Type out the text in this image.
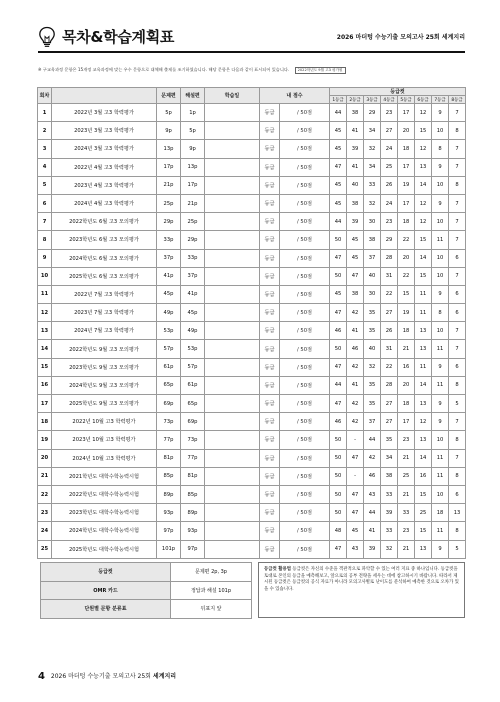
목차&학습계획표	2026 마더텅 수능기출 모의고사 25회 세계지리
※ 구교육과정 문항은 15개정 교육과정에 맞는 우수 문항으로 대체해 출제를 조기하였습니다. 해당 문항은 다음과 같이 표시되어 있습니다. 2022학년도 9월 고3 평가원
회차		문제편	해설편	학습일	내 점수		등급컷							
							1등급	2등급	3등급	4등급	5등급	6등급	7등급	8등급
1	2022년 3월 고3 학력평가	5p	1p		등급	/ 50점	44	38	29	23	17	12	9	7
2	2023년 3월 고3 학력평가	9p	5p		등급	/ 50점	45	41	34	27	20	15	10	8
3	2024년 3월 고3 학력평가	13p	9p		등급	/ 50점	45	39	32	24	18	12	8	7
4	2022년 4월 고3 학력평가	17p	13p		등급	/ 50점	47	41	34	25	17	13	9	7
5	2023년 4월 고3 학력평가	21p	17p		등급	/ 50점	45	40	33	26	19	14	10	8
6	2024년 4월 고3 학력평가	25p	21p		등급	/ 50점	45	38	32	24	17	12	9	7
7	2022학년도 6월 고3 모의평가	29p	25p		등급	/ 50점	44	39	30	23	18	12	10	7
8	2023학년도 6월 고3 모의평가	33p	29p		등급	/ 50점	50	45	38	29	22	15	11	7
9	2024학년도 6월 고3 모의평가	37p	33p		등급	/ 50점	47	45	37	28	20	14	10	6
10	2025학년도 6월 고3 모의평가	41p	37p		등급	/ 50점	50	47	40	31	22	15	10	7
11	2022년 7월 고3 학력평가	45p	41p		등급	/ 50점	45	38	30	22	15	11	9	6
12	2023년 7월 고3 학력평가	49p	45p		등급	/ 50점	47	42	35	27	19	11	8	6
13	2024년 7월 고3 학력평가	53p	49p		등급	/ 50점	46	41	35	26	18	13	10	7
14	2022학년도 9월 고3 모의평가	57p	53p		등급	/ 50점	50	46	40	31	21	13	11	7
15	2023학년도 9월 고3 모의평가	61p	57p		등급	/ 50점	47	42	32	22	16	11	9	6
16	2024학년도 9월 고3 모의평가	65p	61p		등급	/ 50점	44	41	35	28	20	14	11	8
17	2025학년도 9월 고3 모의평가	69p	65p		등급	/ 50점	47	42	35	27	18	13	9	5
18	2022년 10월 고3 학력평가	73p	69p		등급	/ 50점	46	42	37	27	17	12	9	7
19	2023년 10월 고3 학력평가	77p	73p		등급	/ 50점	50	-	44	35	23	13	10	8
20	2024년 10월 고3 학력평가	81p	77p		등급	/ 50점	50	47	42	34	21	14	11	7
21	2021학년도 대학수학능력시험	85p	81p		등급	/ 50점	50	-	46	38	25	16	11	8
22	2022학년도 대학수학능력시험	89p	85p		등급	/ 50점	50	47	43	33	21	15	10	6
23	2023학년도 대학수학능력시험	93p	89p		등급	/ 50점	50	47	44	39	33	25	18	13
24	2024학년도 대학수학능력시험	97p	93p		등급	/ 50점	48	45	41	33	23	15	11	8
25	2025학년도 대학수학능력시험	101p	97p		등급	/ 50점	47	43	39	32	21	13	9	5
등급컷	문제편 2p, 3p
OMR 카드	정답과 해설 101p
단원별 문항 분류표	뒤표지 앞
등급컷 활용법 등급컷은 자신의 수준을 객관적으로 파악할 수 있는 여러 지표 중 하나입니다. 등급컷을 토대로 본인의 등급을 예측해보고, 앞으로의 공부 전략을 세우는 데에 참고하시기 바랍니다. 따라서 제시된 등급컷은 등급컷의 공식 자료가 아니라 모의고사별로 난이도를 분석하여 예측한 것으로 오차가 있을 수 있습니다.
4 2026 마더텅 수능기출 모의고사 25회 세계지리
